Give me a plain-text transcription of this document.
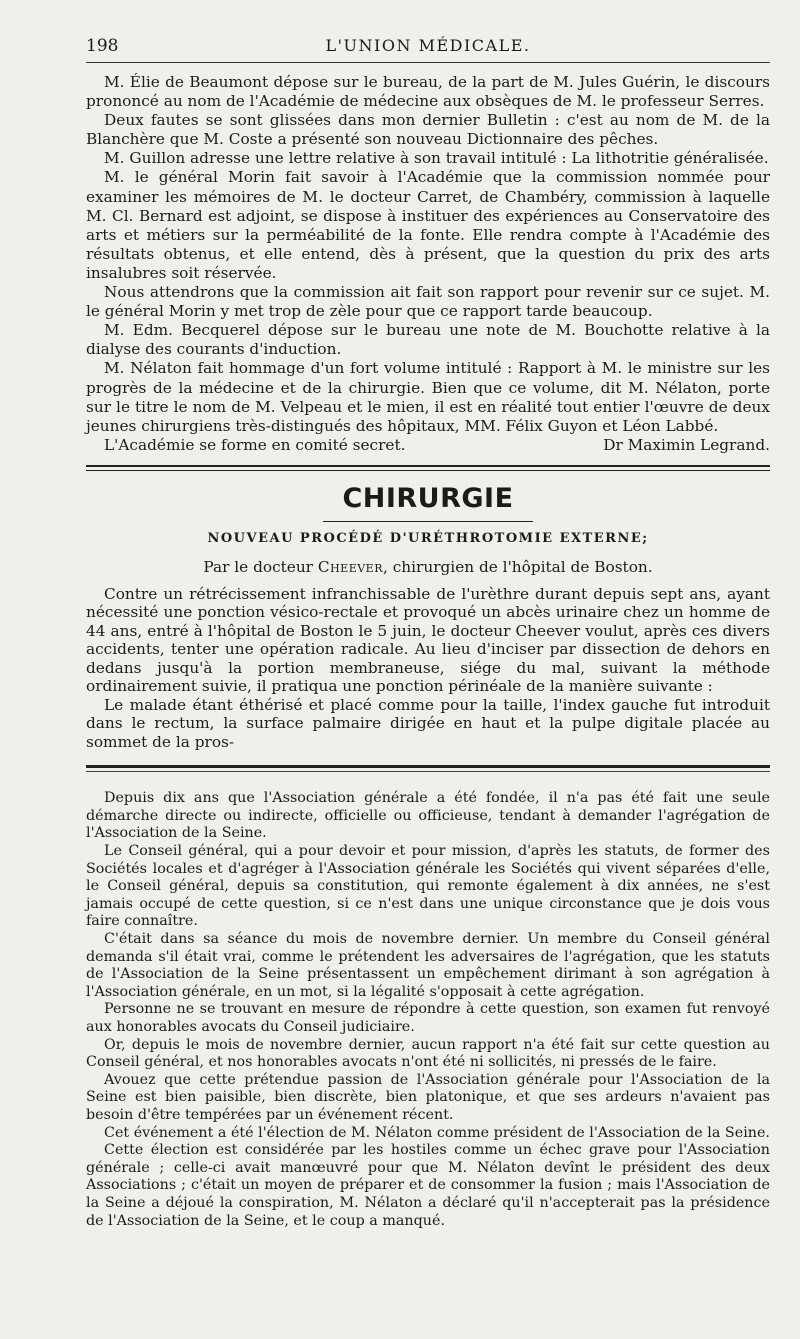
198	L'UNION MÉDICALE.

M. Élie de Beaumont dépose sur le bureau, de la part de M. Jules Guérin, le discours prononcé au nom de l'Académie de médecine aux obsèques de M. le professeur Serres.

Deux fautes se sont glissées dans mon dernier Bulletin : c'est au nom de M. de la Blanchère que M. Coste a présenté son nouveau Dictionnaire des pêches.

M. Guillon adresse une lettre relative à son travail intitulé : La lithotritie généralisée.

M. le général Morin fait savoir à l'Académie que la commission nommée pour examiner les mémoires de M. le docteur Carret, de Chambéry, commission à laquelle M. Cl. Bernard est adjoint, se dispose à instituer des expériences au Conservatoire des arts et métiers sur la perméabilité de la fonte. Elle rendra compte à l'Académie des résultats obtenus, et elle entend, dès à présent, que la question du prix des arts insalubres soit réservée.

Nous attendrons que la commission ait fait son rapport pour revenir sur ce sujet. M. le général Morin y met trop de zèle pour que ce rapport tarde beaucoup.

M. Edm. Becquerel dépose sur le bureau une note de M. Bouchotte relative à la dialyse des courants d'induction.

M. Nélaton fait hommage d'un fort volume intitulé : Rapport à M. le ministre sur les progrès de la médecine et de la chirurgie. Bien que ce volume, dit M. Nélaton, porte sur le titre le nom de M. Velpeau et le mien, il est en réalité tout entier l'œuvre de deux jeunes chirurgiens très-distingués des hôpitaux, MM. Félix Guyon et Léon Labbé.

L'Académie se forme en comité secret.	Dr Maximin Legrand.
CHIRURGIE
NOUVEAU PROCÉDÉ D'URÉTHROTOMIE EXTERNE;
Par le docteur Cheever, chirurgien de l'hôpital de Boston.

Contre un rétrécissement infranchissable de l'urèthre durant depuis sept ans, ayant nécessité une ponction vésico-rectale et provoqué un abcès urinaire chez un homme de 44 ans, entré à l'hôpital de Boston le 5 juin, le docteur Cheever voulut, après ces divers accidents, tenter une opération radicale. Au lieu d'inciser par dissection de dehors en dedans jusqu'à la portion membraneuse, siége du mal, suivant la méthode ordinairement suivie, il pratiqua une ponction périnéale de la manière suivante :

Le malade étant éthérisé et placé comme pour la taille, l'index gauche fut introduit dans le rectum, la surface palmaire dirigée en haut et la pulpe digitale placée au sommet de la pros-

Depuis dix ans que l'Association générale a été fondée, il n'a pas été fait une seule démarche directe ou indirecte, officielle ou officieuse, tendant à demander l'agrégation de l'Association de la Seine.

Le Conseil général, qui a pour devoir et pour mission, d'après les statuts, de former des Sociétés locales et d'agréger à l'Association générale les Sociétés qui vivent séparées d'elle, le Conseil général, depuis sa constitution, qui remonte également à dix années, ne s'est jamais occupé de cette question, si ce n'est dans une unique circonstance que je dois vous faire connaître.

C'était dans sa séance du mois de novembre dernier. Un membre du Conseil général demanda s'il était vrai, comme le prétendent les adversaires de l'agrégation, que les statuts de l'Association de la Seine présentassent un empêchement dirimant à son agrégation à l'Association générale, en un mot, si la légalité s'opposait à cette agrégation.

Personne ne se trouvant en mesure de répondre à cette question, son examen fut renvoyé aux honorables avocats du Conseil judiciaire.

Or, depuis le mois de novembre dernier, aucun rapport n'a été fait sur cette question au Conseil général, et nos honorables avocats n'ont été ni sollicités, ni pressés de le faire.

Avouez que cette prétendue passion de l'Association générale pour l'Association de la Seine est bien paisible, bien discrète, bien platonique, et que ses ardeurs n'avaient pas besoin d'être tempérées par un événement récent.

Cet événement a été l'élection de M. Nélaton comme président de l'Association de la Seine.

Cette élection est considérée par les hostiles comme un échec grave pour l'Association générale ; celle-ci avait manœuvré pour que M. Nélaton devînt le président des deux Associations ; c'était un moyen de préparer et de consommer la fusion ; mais l'Association de la Seine a déjoué la conspiration, M. Nélaton a déclaré qu'il n'accepterait pas la présidence de l'Association de la Seine, et le coup a manqué.
